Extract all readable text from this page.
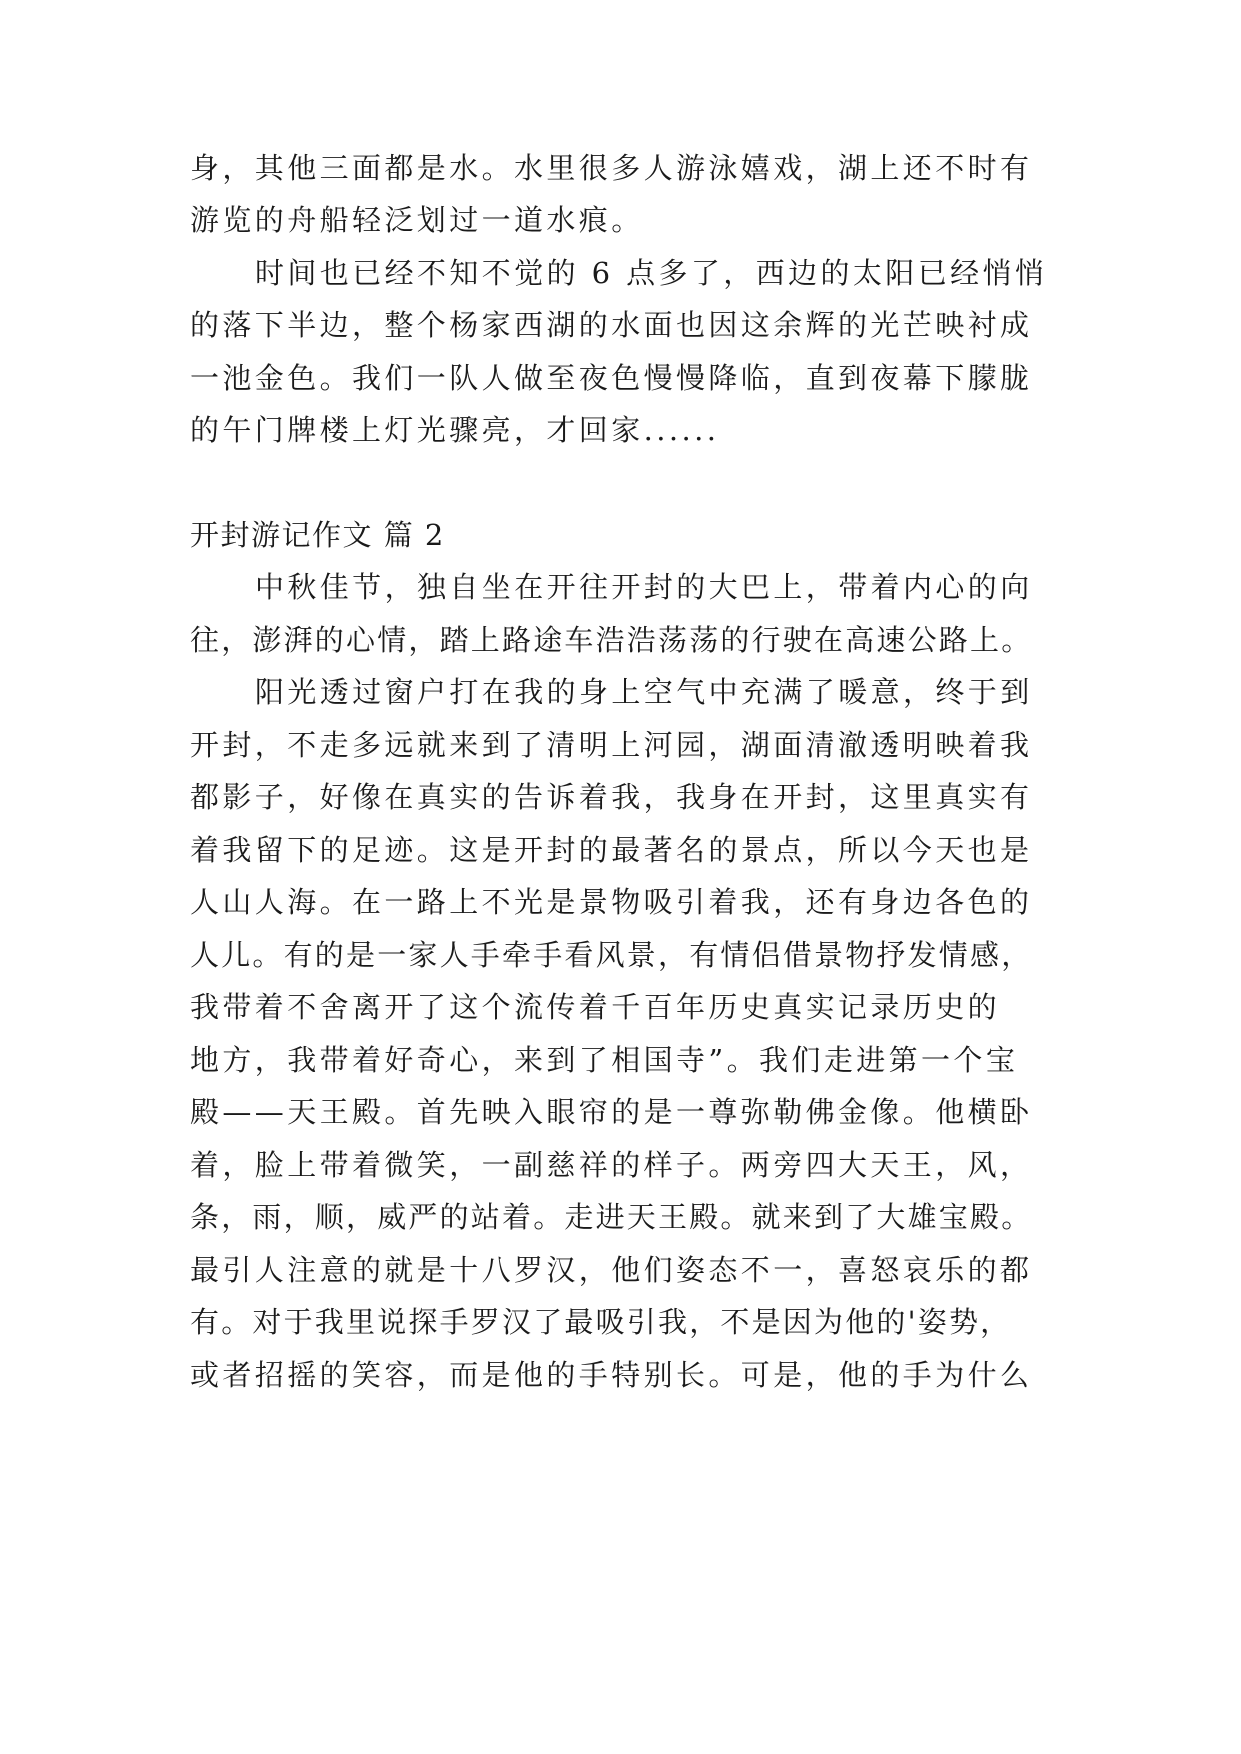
身，其他三面都是水。水里很多人游泳嬉戏，湖上还不时有
游览的舟船轻泛划过一道水痕。
时间也已经不知不觉的 6 点多了，西边的太阳已经悄悄
的落下半边，整个杨家西湖的水面也因这余辉的光芒映衬成
一池金色。我们一队人做至夜色慢慢降临，直到夜幕下朦胧
的午门牌楼上灯光骤亮，才回家......
开封游记作文 篇 2
中秋佳节，独自坐在开往开封的大巴上，带着内心的向
往，澎湃的心情，踏上路途车浩浩荡荡的行驶在高速公路上。
阳光透过窗户打在我的身上空气中充满了暖意，终于到
开封，不走多远就来到了清明上河园，湖面清澈透明映着我
都影子，好像在真实的告诉着我，我身在开封，这里真实有
着我留下的足迹。这是开封的最著名的景点，所以今天也是
人山人海。在一路上不光是景物吸引着我，还有身边各色的
人儿。有的是一家人手牵手看风景，有情侣借景物抒发情感，
我带着不舍离开了这个流传着千百年历史真实记录历史的
地方，我带着好奇心，来到了相国寺”。我们走进第一个宝
殿——天王殿。首先映入眼帘的是一尊弥勒佛金像。他横卧
着，脸上带着微笑，一副慈祥的样子。两旁四大天王，风，
条，雨，顺，威严的站着。走进天王殿。就来到了大雄宝殿。
最引人注意的就是十八罗汉，他们姿态不一，喜怒哀乐的都
有。对于我里说探手罗汉了最吸引我，不是因为他的'姿势，
或者招摇的笑容，而是他的手特别长。可是，他的手为什么
